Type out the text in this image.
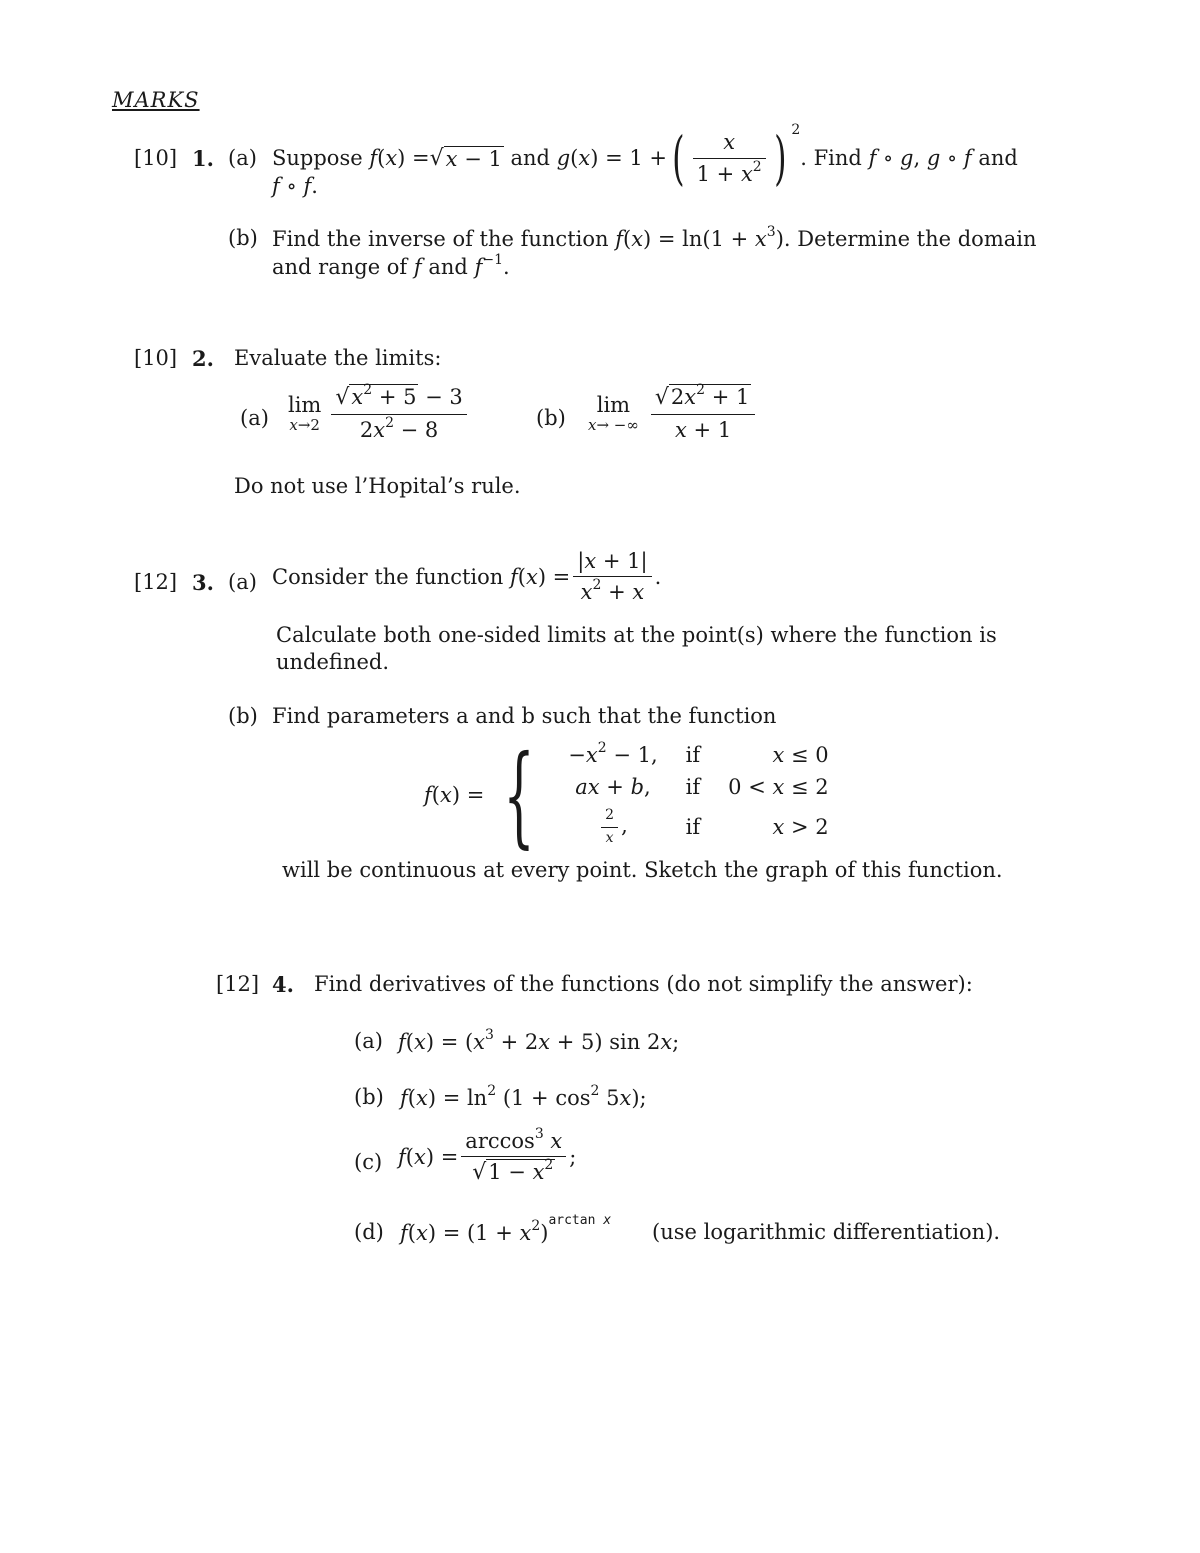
MARKS
[10] 1. (a) Suppose
f ( x ) = √ x − 1
and
g ( x ) = 1 + ( $\frac{x}{1 + x^2}$ ) $^2$
. Find
f ∘ g , g ∘ f
and
f ∘ f.
(b) Find the inverse of the function $f(x) = \ln(1 + x^3)$. Determine the domain
and range of f and $f^{-1}$.
[10] 2. Evaluate the limits:
(a)
lim
$x\to 2 \frac{√x^2 + 5 - 3}{2x^2 - 8}$	(b)
lim
x→ −∞ $\frac{√2x^2 + 1}{x + 1}$
Do not use l’Hopital’s rule.
[12] 3. (a) Consider the function
f ( x ) = $\frac{|x + 1|}{x^2 + x}$ .
Calculate both one-sided limits at the point(s) where the function is
undefined.
(b) Find parameters a and b such that the function
f(x) = { $-x^2 - 1$,	if	x ≤ 0
ax + b,	if	0 < x ≤ 2

$\frac{2}{x}$ ,	if	x > 2
will be continuous at every point. Sketch the graph of this function.
[12] 4. Find derivatives of the functions (do not simplify the answer):
(a) $f(x) = (x^3 + 2x + 5)$ sin 2x;
(b) $f(x) = \ln^2 (1 + \cos^2 5x)$;
(c) $f(x) = \frac{\arccos^3 x}{√1 - x^2}$ ;
(d) $f(x) = (1 + x^2)^{arctan x}$ (use logarithmic differentiation).
